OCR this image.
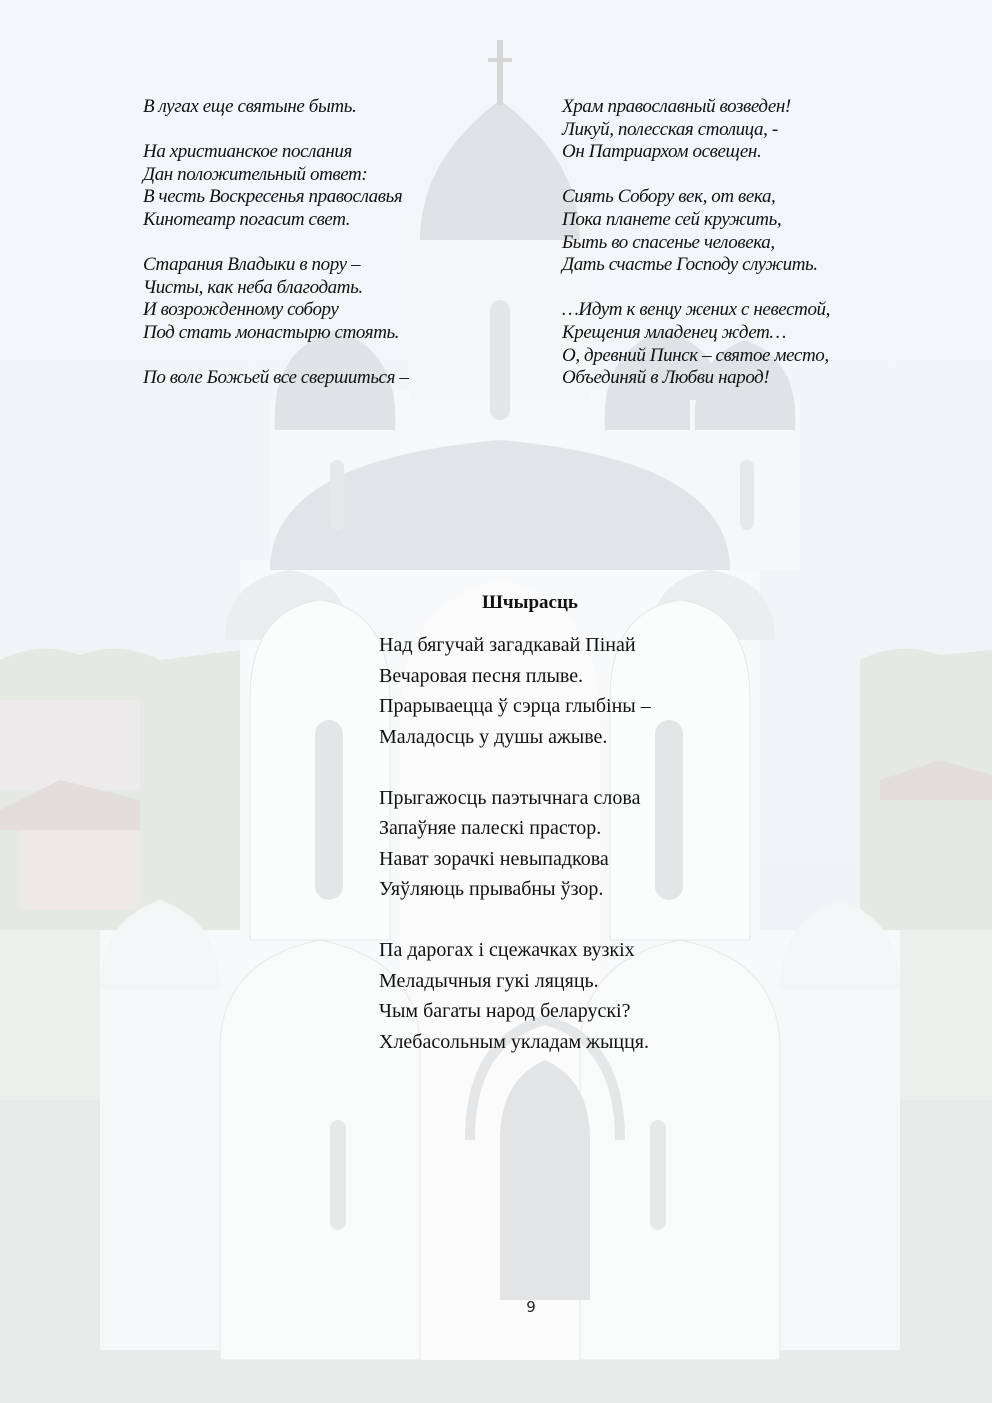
В лугах еще святыне быть.
На христианское послания
Дан положительный ответ:
В честь Воскресенья православья
Кинотеатр погасит свет.
Старания Владыки в пору –
Чисты, как неба благодать.
И возрожденному собору
Под стать монастырю стоять.
По воле Божьей все свершиться –
Храм православный возведен!
Ликуй, полесская столица, -
Он Патриархом освещен.
Сиять Собору век, от века,
Пока планете сей кружить,
Быть во спасенье человека,
Дать счастье Господу служить.
…Идут к венцу жених с невестой,
Крещения младенец ждет…
О, древний Пинск – святое место,
Объединяй в Любви народ!
Шчырасць
Над бягучай загадкавай Пінай
Вечаровая песня плыве.
Прарываецца ў сэрца глыбіны –
Маладосць у душы ажыве.
Прыгажосць паэтычнага слова
Запаўняе палескі прастор.
Нават зорачкі невыпадкова
Уяўляюць прывабны ўзор.
Па дарогах і сцежачках вузкіх
Меладычныя гукі ляцяць.
Чым багаты народ беларускі?
Хлебасольным укладам жыцця.
9
